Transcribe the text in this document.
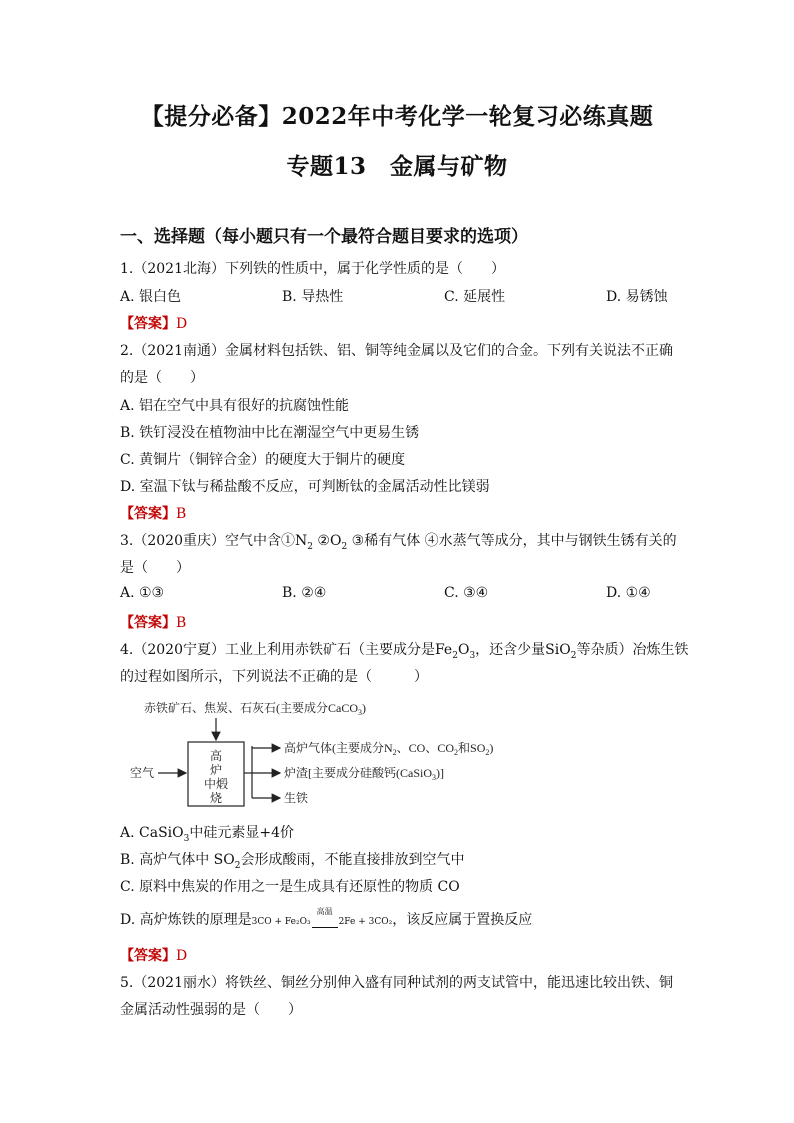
【提分必备】2022年中考化学一轮复习必练真题
专题13　金属与矿物
一、选择题（每小题只有一个最符合题目要求的选项）
1.（2021北海）下列铁的性质中，属于化学性质的是（　　）
A. 银白色	B. 导热性	C. 延展性	D. 易锈蚀
【答案】D
2.（2021南通）金属材料包括铁、铝、铜等纯金属以及它们的合金。下列有关说法不正确
的是（　　）
A. 铝在空气中具有很好的抗腐蚀性能
B. 铁钉浸没在植物油中比在潮湿空气中更易生锈
C. 黄铜片（铜锌合金）的硬度大于铜片的硬度
D. 室温下钛与稀盐酸不反应，可判断钛的金属活动性比镁弱
【答案】B
3.（2020重庆）空气中含$①N_2$ $②O_2$ ③稀有气体 ④水蒸气等成分，其中与钢铁生锈有关的
是（　　）
A. ①③	B. ②④	C. ③④	D. ①④
【答案】B
4.（2020宁夏）工业上利用赤铁矿石（主要成分是$Fe_2O_3$，还含少量SiO$_2$等杂质）冶炼生铁
的过程如图所示，下列说法不正确的是（　　　）
赤铁矿石、焦炭、石灰石(主要成分CaCO$_3$)
高
炉
中煅
烧
空气
高炉气体(主要成分$N_2$、CO、$CO_2$和$SO_2$)
炉渣[主要成分硅酸钙(CaSiO$_3$)]
生铁
A. CaSiO$_3$中硅元素显+4价
B. 高炉气体中 $SO_2$会形成酸雨，不能直接排放到空气中
C. 原料中焦炭的作用之一是生成具有还原性的物质 CO
D. 高炉炼铁的原理是3CO + Fe₂O₃
高温
2Fe + 3CO₂，该反应属于置换反应
【答案】D
5.（2021丽水）将铁丝、铜丝分别伸入盛有同种试剂的两支试管中，能迅速比较出铁、铜
金属活动性强弱的是（　　）
